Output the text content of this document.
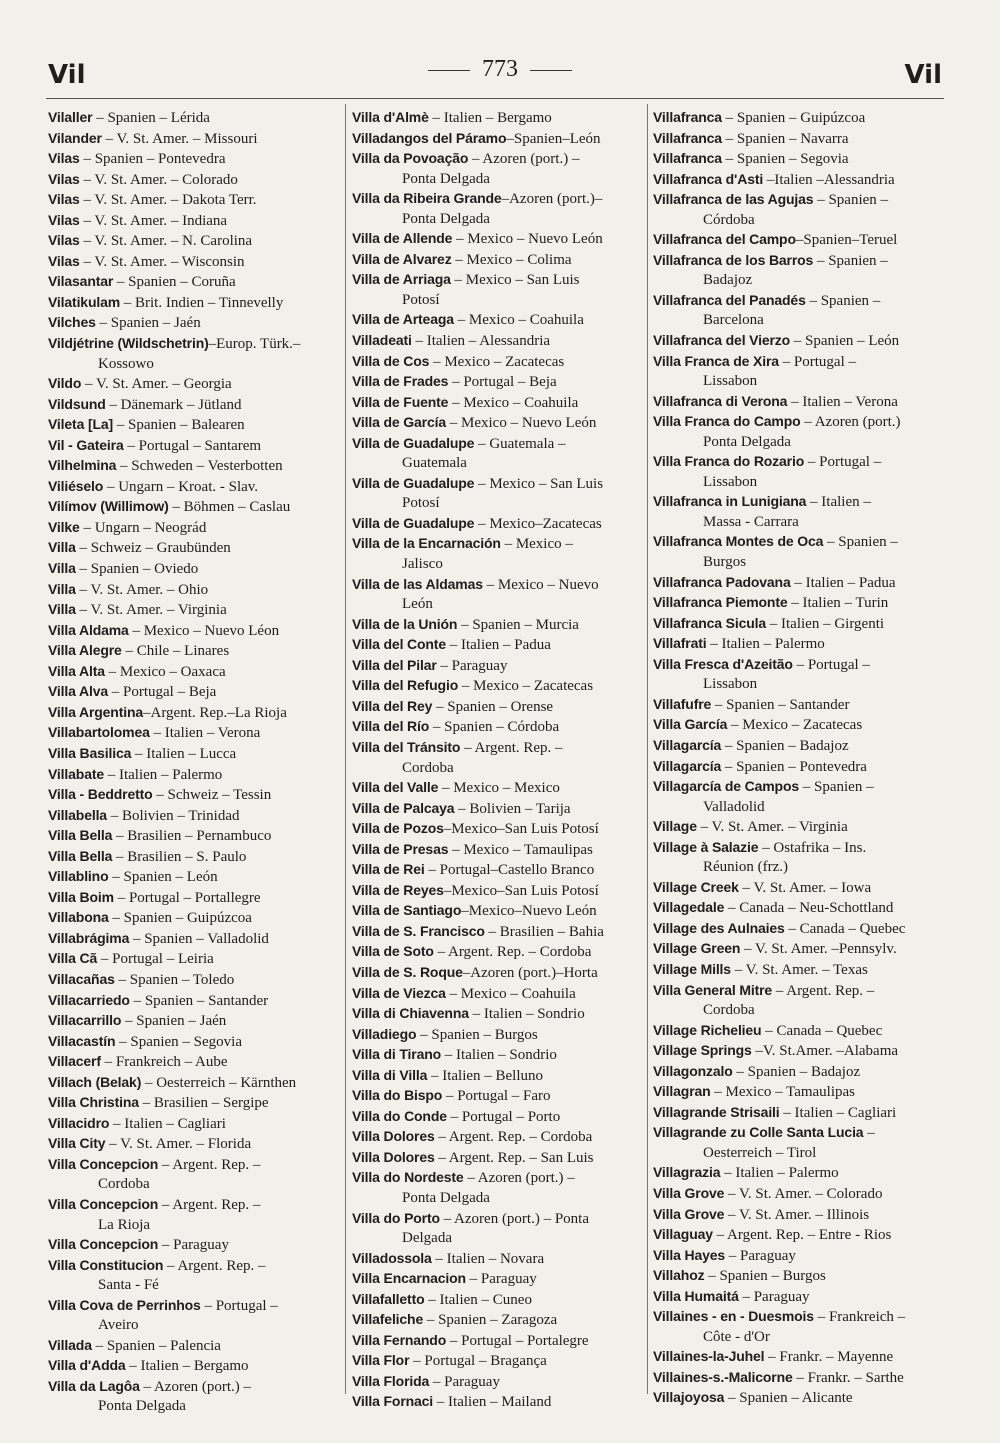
Vil	773	Vil
Vilaller – Spanien – Lérida
Vilander – V. St. Amer. – Missouri
Vilas – Spanien – Pontevedra
Vilas – V. St. Amer. – Colorado
Vilas – V. St. Amer. – Dakota Terr.
Vilas – V. St. Amer. – Indiana
Vilas – V. St. Amer. – N. Carolina
Vilas – V. St. Amer. – Wisconsin
Vilasantar – Spanien – Coruña
Vilatikulam – Brit. Indien – Tinnevelly
Vilches – Spanien – Jaén
Vildjétrine (Wildschetrin)–Europ. Türk.–
Kossowo
Vildo – V. St. Amer. – Georgia
Vildsund – Dänemark – Jütland
Vileta [La] – Spanien – Balearen
Vil - Gateira – Portugal – Santarem
Vilhelmina – Schweden – Vesterbotten
Viliéselo – Ungarn – Kroat. - Slav.
Vilímov (Willimow) – Böhmen – Caslau
Vilke – Ungarn – Neográd
Villa – Schweiz – Graubünden
Villa – Spanien – Oviedo
Villa – V. St. Amer. – Ohio
Villa – V. St. Amer. – Virginia
Villa Aldama – Mexico – Nuevo Léon
Villa Alegre – Chile – Linares
Villa Alta – Mexico – Oaxaca
Villa Alva – Portugal – Beja
Villa Argentina–Argent. Rep.–La Rioja
Villabartolomea – Italien – Verona
Villa Basilica – Italien – Lucca
Villabate – Italien – Palermo
Villa - Beddretto – Schweiz – Tessin
Villabella – Bolivien – Trinidad
Villa Bella – Brasilien – Pernambuco
Villa Bella – Brasilien – S. Paulo
Villablino – Spanien – León
Villa Boim – Portugal – Portallegre
Villabona – Spanien – Guipúzcoa
Villabrágima – Spanien – Valladolid
Villa Cã – Portugal – Leiria
Villacañas – Spanien – Toledo
Villacarriedo – Spanien – Santander
Villacarrillo – Spanien – Jaén
Villacastín – Spanien – Segovia
Villacerf – Frankreich – Aube
Villach (Belak) – Oesterreich – Kärnthen
Villa Christina – Brasilien – Sergipe
Villacidro – Italien – Cagliari
Villa City – V. St. Amer. – Florida
Villa Concepcion – Argent. Rep. –
Cordoba
Villa Concepcion – Argent. Rep. –
La Rioja
Villa Concepcion – Paraguay
Villa Constitucion – Argent. Rep. –
Santa - Fé
Villa Cova de Perrinhos – Portugal –
Aveiro
Villada – Spanien – Palencia
Villa d'Adda – Italien – Bergamo
Villa da Lagôa – Azoren (port.) –
Ponta Delgada
Villa d'Almè – Italien – Bergamo
Villadangos del Páramo–Spanien–León
Villa da Povoação – Azoren (port.) –
Ponta Delgada
Villa da Ribeira Grande–Azoren (port.)–
Ponta Delgada
Villa de Allende – Mexico – Nuevo León
Villa de Alvarez – Mexico – Colima
Villa de Arriaga – Mexico – San Luis
Potosí
Villa de Arteaga – Mexico – Coahuila
Villadeati – Italien – Alessandria
Villa de Cos – Mexico – Zacatecas
Villa de Frades – Portugal – Beja
Villa de Fuente – Mexico – Coahuila
Villa de García – Mexico – Nuevo León
Villa de Guadalupe – Guatemala –
Guatemala
Villa de Guadalupe – Mexico – San Luis
Potosí
Villa de Guadalupe – Mexico–Zacatecas
Villa de la Encarnación – Mexico –
Jalisco
Villa de las Aldamas – Mexico – Nuevo
León
Villa de la Unión – Spanien – Murcia
Villa del Conte – Italien – Padua
Villa del Pilar – Paraguay
Villa del Refugio – Mexico – Zacatecas
Villa del Rey – Spanien – Orense
Villa del Río – Spanien – Córdoba
Villa del Tránsito – Argent. Rep. –
Cordoba
Villa del Valle – Mexico – Mexico
Villa de Palcaya – Bolivien – Tarija
Villa de Pozos–Mexico–San Luis Potosí
Villa de Presas – Mexico – Tamaulipas
Villa de Rei – Portugal–Castello Branco
Villa de Reyes–Mexico–San Luis Potosí
Villa de Santiago–Mexico–Nuevo León
Villa de S. Francisco – Brasilien – Bahia
Villa de Soto – Argent. Rep. – Cordoba
Villa de S. Roque–Azoren (port.)–Horta
Villa de Viezca – Mexico – Coahuila
Villa di Chiavenna – Italien – Sondrio
Villadiego – Spanien – Burgos
Villa di Tirano – Italien – Sondrio
Villa di Villa – Italien – Belluno
Villa do Bispo – Portugal – Faro
Villa do Conde – Portugal – Porto
Villa Dolores – Argent. Rep. – Cordoba
Villa Dolores – Argent. Rep. – San Luis
Villa do Nordeste – Azoren (port.) –
Ponta Delgada
Villa do Porto – Azoren (port.) – Ponta
Delgada
Villadossola – Italien – Novara
Villa Encarnacion – Paraguay
Villafalletto – Italien – Cuneo
Villafeliche – Spanien – Zaragoza
Villa Fernando – Portugal – Portalegre
Villa Flor – Portugal – Bragança
Villa Florida – Paraguay
Villa Fornaci – Italien – Mailand
Villafranca – Spanien – Guipúzcoa
Villafranca – Spanien – Navarra
Villafranca – Spanien – Segovia
Villafranca d'Asti –Italien –Alessandria
Villafranca de las Agujas – Spanien –
Córdoba
Villafranca del Campo–Spanien–Teruel
Villafranca de los Barros – Spanien –
Badajoz
Villafranca del Panadés – Spanien –
Barcelona
Villafranca del Vierzo – Spanien – León
Villa Franca de Xira – Portugal –
Lissabon
Villafranca di Verona – Italien – Verona
Villa Franca do Campo – Azoren (port.)
Ponta Delgada
Villa Franca do Rozario – Portugal –
Lissabon
Villafranca in Lunigiana – Italien –
Massa - Carrara
Villafranca Montes de Oca – Spanien –
Burgos
Villafranca Padovana – Italien – Padua
Villafranca Piemonte – Italien – Turin
Villafranca Sicula – Italien – Girgenti
Villafrati – Italien – Palermo
Villa Fresca d'Azeitão – Portugal –
Lissabon
Villafufre – Spanien – Santander
Villa García – Mexico – Zacatecas
Villagarcía – Spanien – Badajoz
Villagarcía – Spanien – Pontevedra
Villagarcía de Campos – Spanien –
Valladolid
Village – V. St. Amer. – Virginia
Village à Salazie – Ostafrika – Ins.
Réunion (frz.)
Village Creek – V. St. Amer. – Iowa
Villagedale – Canada – Neu-Schottland
Village des Aulnaies – Canada – Quebec
Village Green – V. St. Amer. –Pennsylv.
Village Mills – V. St. Amer. – Texas
Villa General Mitre – Argent. Rep. –
Cordoba
Village Richelieu – Canada – Quebec
Village Springs –V. St.Amer. –Alabama
Villagonzalo – Spanien – Badajoz
Villagran – Mexico – Tamaulipas
Villagrande Strisaili – Italien – Cagliari
Villagrande zu Colle Santa Lucia –
Oesterreich – Tirol
Villagrazia – Italien – Palermo
Villa Grove – V. St. Amer. – Colorado
Villa Grove – V. St. Amer. – Illinois
Villaguay – Argent. Rep. – Entre - Rios
Villa Hayes – Paraguay
Villahoz – Spanien – Burgos
Villa Humaitá – Paraguay
Villaines - en - Duesmois – Frankreich –
Côte - d'Or
Villaines-la-Juhel – Frankr. – Mayenne
Villaines-s.-Malicorne – Frankr. – Sarthe
Villajoyosa – Spanien – Alicante
